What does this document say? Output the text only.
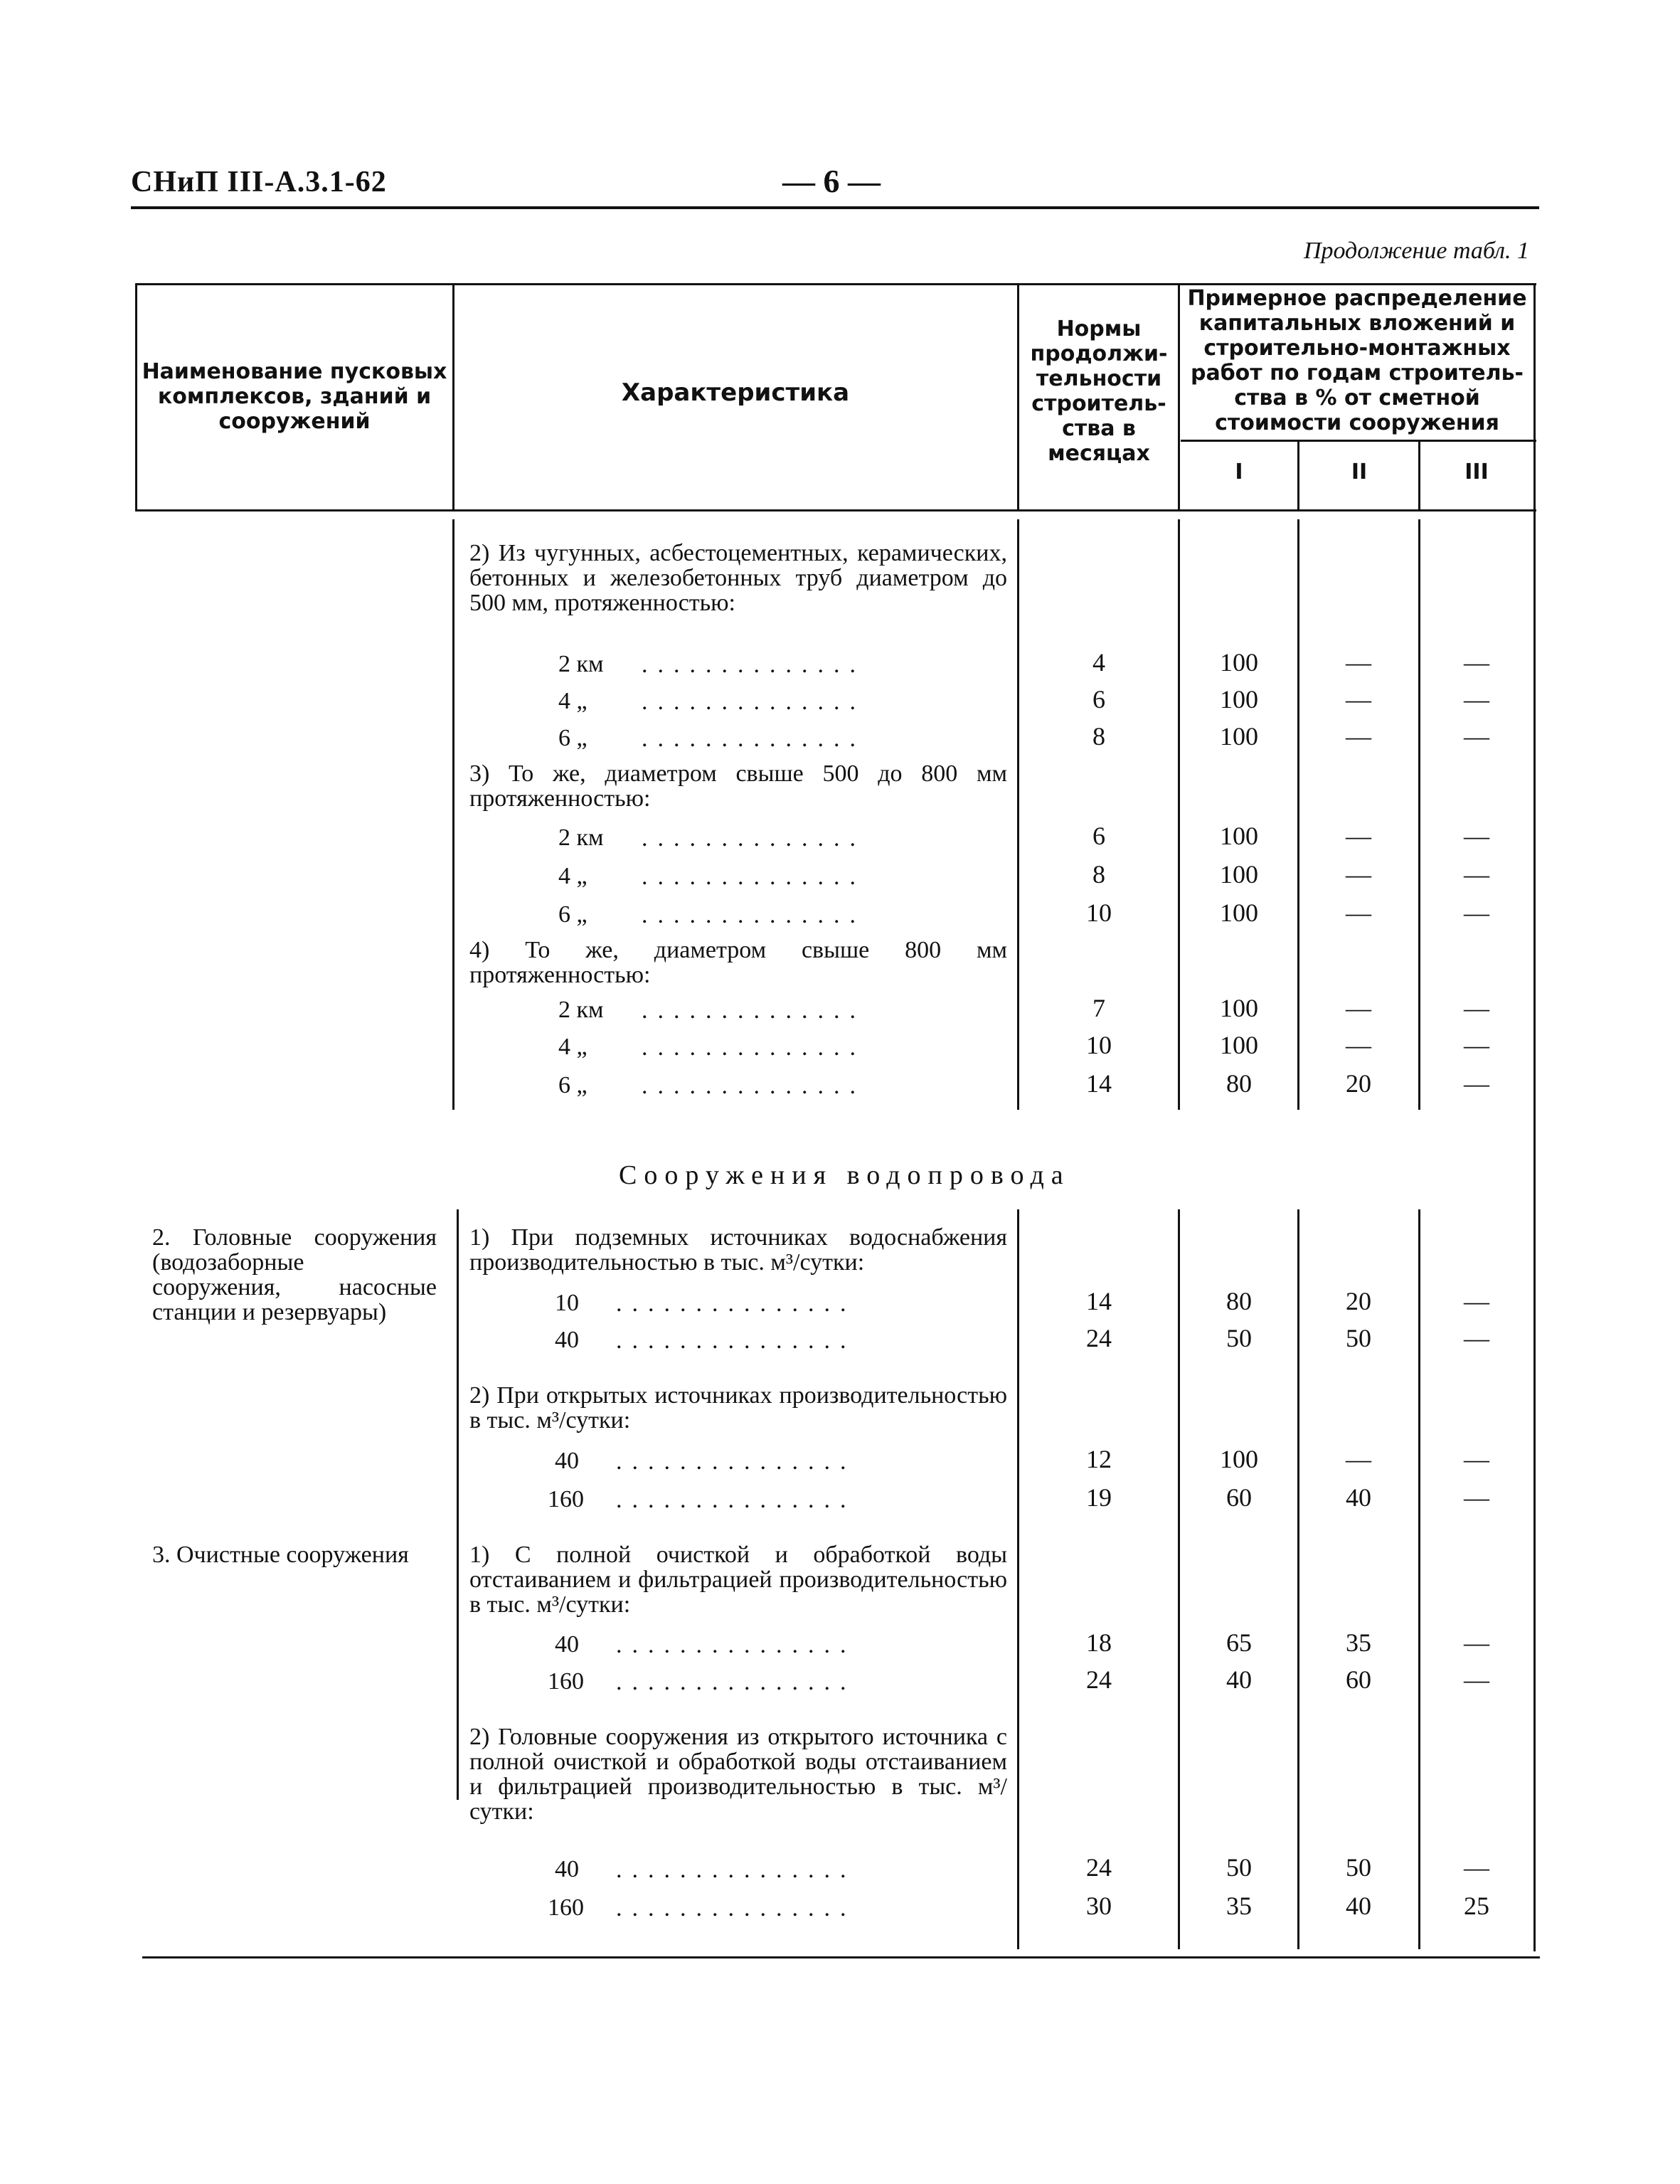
СНиП III-А.3.1-62	— 6 —
Продолжение табл. 1
Наименование пусковых комплексов, зданий и сооружений
Характеристика
Нормы продолжи-тельности строитель-ства в месяцах
Примерное распределение капитальных вложений и строительно-монтажных работ по годам строитель-ства в % от сметной стоимости сооружения
I	II	III
2) Из чугунных, асбестоцементных, керамических, бетонных и железобетонных труб диаметром до 500 мм, протяженностью:
2 км ..............	4	100	—	—
4 „ ..............	6	100	—	—
6 „ ..............	8	100	—	—
3) То же, диаметром свыше 500 до 800 мм протяженностью:
2 км ..............	6	100	—	—
4 „ ..............	8	100	—	—
6 „ ..............	10	100	—	—
4) То же, диаметром свыше 800 мм протяженностью:
2 км ..............	7	100	—	—
4 „ ..............	10	100	—	—
6 „ ..............	14	80	20	—
Сооружения водопровода
2. Головные сооружения (водозаборные сооружения, насосные станции и резервуары)
1) При подземных источниках водоснабжения производительностью в тыс. м³/сутки:
10 ...............	14	80	20	—
40 ...............	24	50	50	—
2) При открытых источниках производительностью в тыс. м³/сутки:
40 ...............	12	100	—	—
160 ...............	19	60	40	—
3. Очистные сооружения	1) С полной очисткой и обработкой воды отстаиванием и фильтрацией производительностью в тыс. м³/сутки:
40 ...............	18	65	35	—
160 ...............	24	40	60	—
2) Головные сооружения из открытого источника с полной очисткой и обработкой воды отстаиванием и фильтрацией производительностью в тыс. м³/сутки:
40 ...............	24	50	50	—
160 ...............	30	35	40	25
